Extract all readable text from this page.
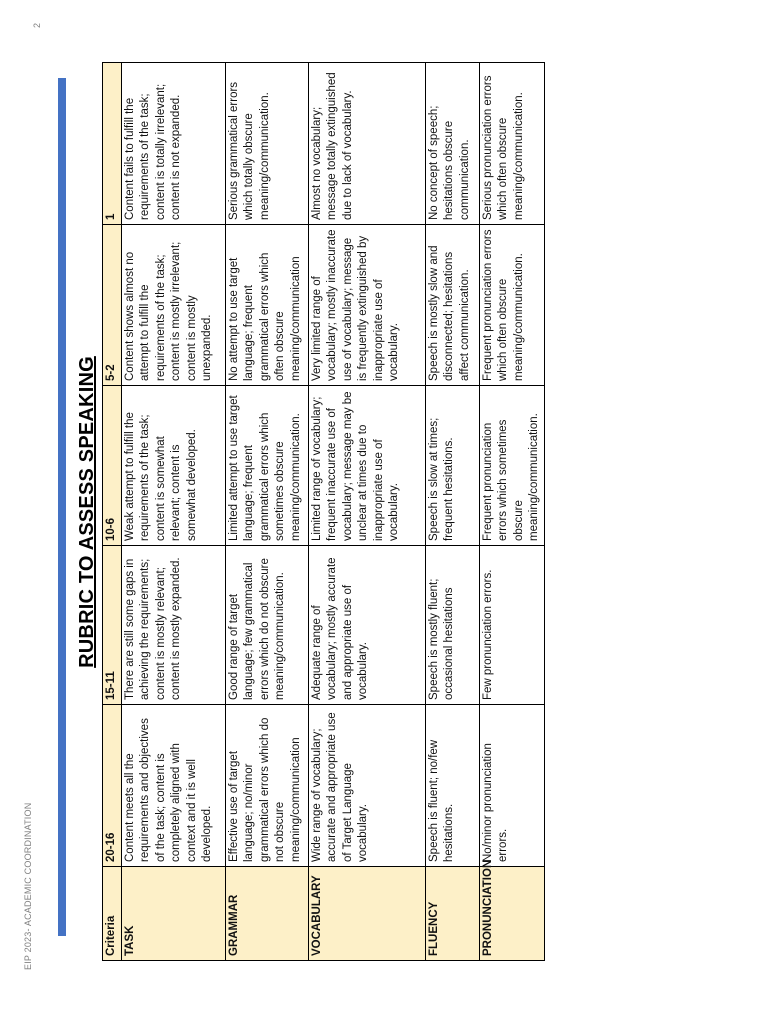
EIP 2023- ACADEMIC COORDINATION
2
RUBRIC TO ASSESS SPEAKING
Criteria	20-16	15-11	10-6	5-2	1
TASK	Content meets all the requirements and objectives of the task; content is completely aligned with context and it is well developed.	There are still some gaps in achieving the requirements; content is mostly relevant; content is mostly expanded.	Weak attempt to fulfill the requirements of the task; content is somewhat relevant; content is somewhat developed.	Content shows almost no attempt to fulfill the requirements of the task; content is mostly irrelevant; content is mostly unexpanded.	Content fails to fulfill the requirements of the task; content is totally irrelevant; content is not expanded.
GRAMMAR	Effective use of target language; no/minor grammatical errors which do not obscure meaning/communication	Good range of target language; few grammatical errors which do not obscure meaning/communication.	Limited attempt to use target language; frequent grammatical errors which sometimes obscure meaning/communication.	No attempt to use target language; frequent grammatical errors which often obscure meaning/communication	Serious grammatical errors which totally obscure meaning/communication.
VOCABULARY	Wide range of vocabulary; accurate and appropriate use of Target Language vocabulary.	Adequate range of vocabulary; mostly accurate and appropriate use of vocabulary.	Limited range of vocabulary; frequent inaccurate use of vocabulary; message may be unclear at times due to inappropriate use of vocabulary.	Very limited range of vocabulary; mostly inaccurate use of vocabulary; message is frequently extinguished by inappropriate use of vocabulary.	Almost no vocabulary; message totally extinguished due to lack of vocabulary.
FLUENCY	Speech is fluent; no/few hesitations.	Speech is mostly fluent; occasional hesitations	Speech is slow at times; frequent hesitations.	Speech is mostly slow and disconnected; hesitations affect communication.	No concept of speech; hesitations obscure communication.
PRONUNCIATION	No/minor pronunciation errors.	Few pronunciation errors.	Frequent pronunciation errors which sometimes obscure meaning/communication.	Frequent pronunciation errors which often obscure meaning/communication.	Serious pronunciation errors which often obscure meaning/communication.
